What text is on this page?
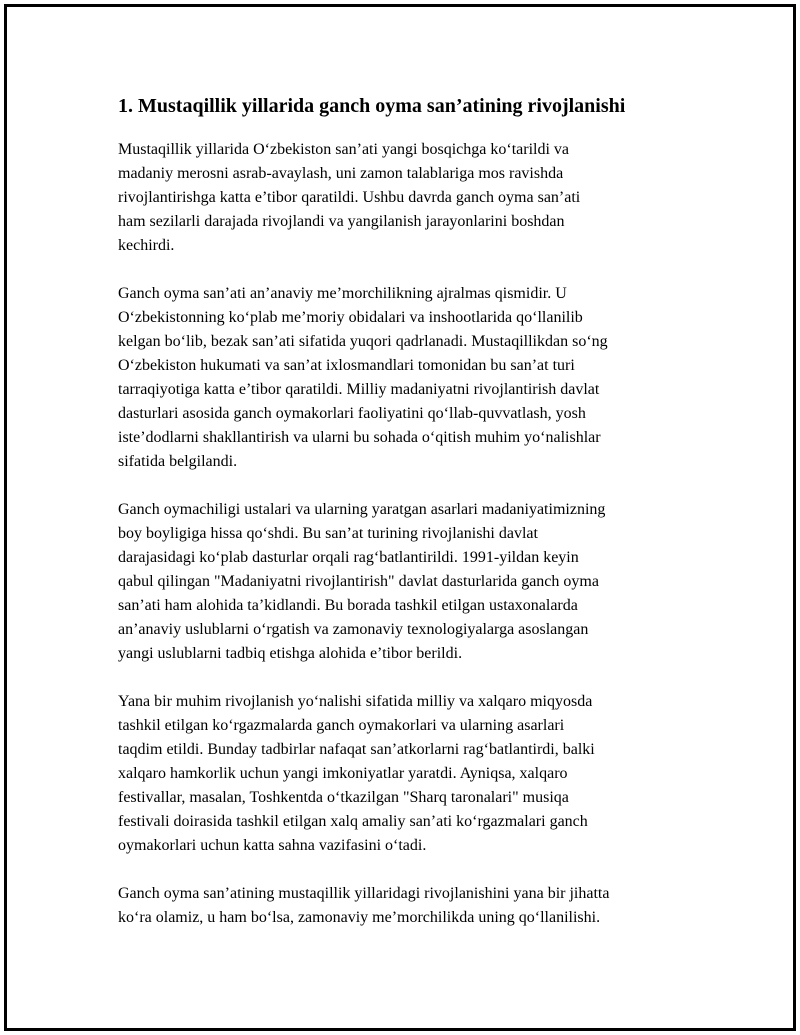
1. Mustaqillik yillarida ganch oyma san’atining rivojlanishi

Mustaqillik yillarida O‘zbekiston san’ati yangi bosqichga ko‘tarildi va
madaniy merosni asrab-avaylash, uni zamon talablariga mos ravishda
rivojlantirishga katta e’tibor qaratildi. Ushbu davrda ganch oyma san’ati
ham sezilarli darajada rivojlandi va yangilanish jarayonlarini boshdan
kechirdi.

Ganch oyma san’ati an’anaviy me’morchilikning ajralmas qismidir. U
O‘zbekistonning ko‘plab me’moriy obidalari va inshootlarida qo‘llanilib
kelgan bo‘lib, bezak san’ati sifatida yuqori qadrlanadi. Mustaqillikdan so‘ng
O‘zbekiston hukumati va san’at ixlosmandlari tomonidan bu san’at turi
tarraqiyotiga katta e’tibor qaratildi. Milliy madaniyatni rivojlantirish davlat
dasturlari asosida ganch oymakorlari faoliyatini qo‘llab-quvvatlash, yosh
iste’dodlarni shakllantirish va ularni bu sohada o‘qitish muhim yo‘nalishlar
sifatida belgilandi.

Ganch oymachiligi ustalari va ularning yaratgan asarlari madaniyatimizning
boy boyligiga hissa qo‘shdi. Bu san’at turining rivojlanishi davlat
darajasidagi ko‘plab dasturlar orqali rag‘batlantirildi. 1991-yildan keyin
qabul qilingan "Madaniyatni rivojlantirish" davlat dasturlarida ganch oyma
san’ati ham alohida ta’kidlandi. Bu borada tashkil etilgan ustaxonalarda
an’anaviy uslublarni o‘rgatish va zamonaviy texnologiyalarga asoslangan
yangi uslublarni tadbiq etishga alohida e’tibor berildi.

Yana bir muhim rivojlanish yo‘nalishi sifatida milliy va xalqaro miqyosda
tashkil etilgan ko‘rgazmalarda ganch oymakorlari va ularning asarlari
taqdim etildi. Bunday tadbirlar nafaqat san’atkorlarni rag‘batlantirdi, balki
xalqaro hamkorlik uchun yangi imkoniyatlar yaratdi. Ayniqsa, xalqaro
festivallar, masalan, Toshkentda o‘tkazilgan "Sharq taronalari" musiqa
festivali doirasida tashkil etilgan xalq amaliy san’ati ko‘rgazmalari ganch
oymakorlari uchun katta sahna vazifasini o‘tadi.

Ganch oyma san’atining mustaqillik yillaridagi rivojlanishini yana bir jihatta
ko‘ra olamiz, u ham bo‘lsa, zamonaviy me’morchilikda uning qo‘llanilishi.
